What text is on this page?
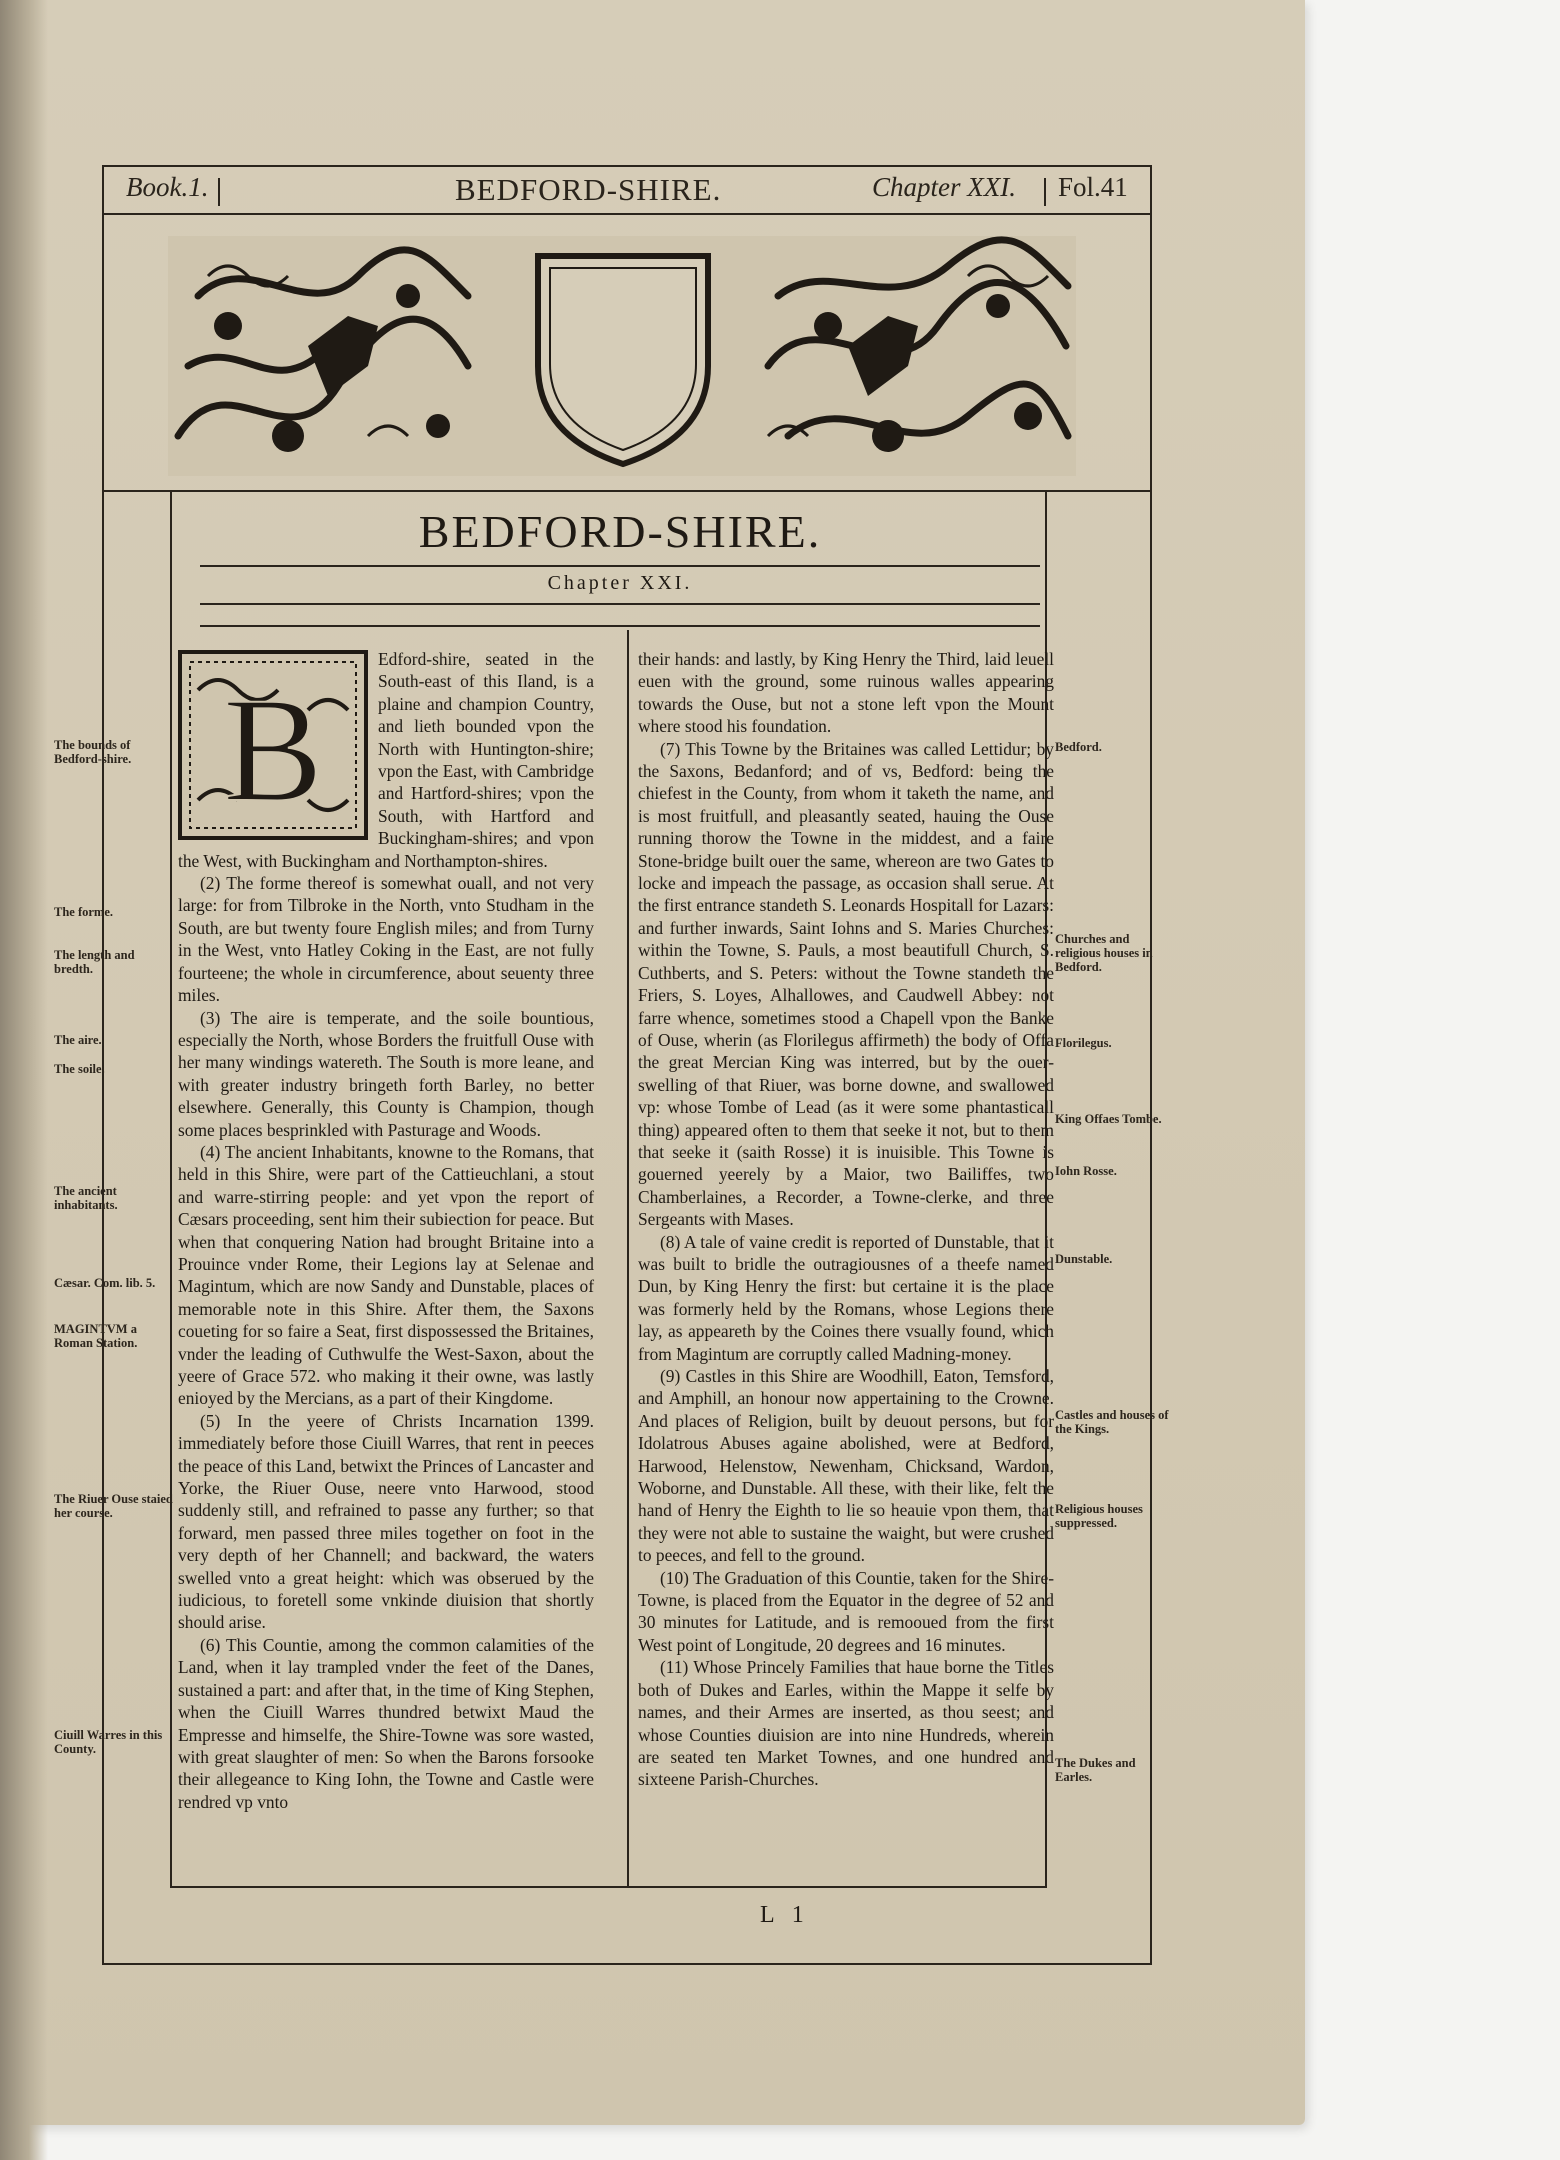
Book.1.	BEDFORD-SHIRE.	Chapter XXI. Fol.41
BEDFORD-SHIRE.
Chapter XXI.
B

Edford-shire, seated in the South-east of this Iland, is a plaine and champion Country, and lieth bounded vpon the North with Huntington-shire; vpon the East, with Cambridge and Hartford-shires; vpon the South, with Hartford and Buckingham-shires; and vpon the West, with Buckingham and Northampton-shires.

(2) The forme thereof is somewhat ouall, and not very large: for from Tilbroke in the North, vnto Studham in the South, are but twenty foure English miles; and from Turny in the West, vnto Hatley Coking in the East, are not fully fourteene; the whole in circumference, about seuenty three miles.

(3) The aire is temperate, and the soile bountious, especially the North, whose Borders the fruitfull Ouse with her many windings watereth. The South is more leane, and with greater industry bringeth forth Barley, no better elsewhere. Generally, this County is Champion, though some places besprinkled with Pasturage and Woods.

(4) The ancient Inhabitants, knowne to the Romans, that held in this Shire, were part of the Cattieuchlani, a stout and warre-stirring people: and yet vpon the report of Cæsars proceeding, sent him their subiection for peace. But when that conquering Nation had brought Britaine into a Prouince vnder Rome, their Legions lay at Selenae and Magintum, which are now Sandy and Dunstable, places of memorable note in this Shire. After them, the Saxons coueting for so faire a Seat, first dispossessed the Britaines, vnder the leading of Cuthwulfe the West-Saxon, about the yeere of Grace 572. who making it their owne, was lastly enioyed by the Mercians, as a part of their Kingdome.

(5) In the yeere of Christs Incarnation 1399. immediately before those Ciuill Warres, that rent in peeces the peace of this Land, betwixt the Princes of Lancaster and Yorke, the Riuer Ouse, neere vnto Harwood, stood suddenly still, and refrained to passe any further; so that forward, men passed three miles together on foot in the very depth of her Channell; and backward, the waters swelled vnto a great height: which was obserued by the iudicious, to foretell some vnkinde diuision that shortly should arise.

(6) This Countie, among the common calamities of the Land, when it lay trampled vnder the feet of the Danes, sustained a part: and after that, in the time of King Stephen, when the Ciuill Warres thundred betwixt Maud the Empresse and himselfe, the Shire-Towne was sore wasted, with great slaughter of men: So when the Barons forsooke their allegeance to King Iohn, the Towne and Castle were rendred vp vnto

their hands: and lastly, by King Henry the Third, laid leuell euen with the ground, some ruinous walles appearing towards the Ouse, but not a stone left vpon the Mount where stood his foundation.

(7) This Towne by the Britaines was called Lettidur; by the Saxons, Bedanford; and of vs, Bedford: being the chiefest in the County, from whom it taketh the name, and is most fruitfull, and pleasantly seated, hauing the Ouse running thorow the Towne in the middest, and a faire Stone-bridge built ouer the same, whereon are two Gates to locke and impeach the passage, as occasion shall serue. At the first entrance standeth S. Leonards Hospitall for Lazars: and further inwards, Saint Iohns and S. Maries Churches: within the Towne, S. Pauls, a most beautifull Church, S. Cuthberts, and S. Peters: without the Towne standeth the Friers, S. Loyes, Alhallowes, and Caudwell Abbey: not farre whence, sometimes stood a Chapell vpon the Banke of Ouse, wherin (as Florilegus affirmeth) the body of Offa the great Mercian King was interred, but by the ouer-swelling of that Riuer, was borne downe, and swallowed vp: whose Tombe of Lead (as it were some phantasticall thing) appeared often to them that seeke it not, but to them that seeke it (saith Rosse) it is inuisible. This Towne is gouerned yeerely by a Maior, two Bailiffes, two Chamberlaines, a Recorder, a Towne-clerke, and three Sergeants with Mases.

(8) A tale of vaine credit is reported of Dunstable, that it was built to bridle the outragiousnes of a theefe named Dun, by King Henry the first: but certaine it is the place was formerly held by the Romans, whose Legions there lay, as appeareth by the Coines there vsually found, which from Magintum are corruptly called Madning-money.

(9) Castles in this Shire are Woodhill, Eaton, Temsford, and Amphill, an honour now appertaining to the Crowne. And places of Religion, built by deuout persons, but for Idolatrous Abuses againe abolished, were at Bedford, Harwood, Helenstow, Newenham, Chicksand, Wardon, Woborne, and Dunstable. All these, with their like, felt the hand of Henry the Eighth to lie so heauie vpon them, that they were not able to sustaine the waight, but were crushed to peeces, and fell to the ground.

(10) The Graduation of this Countie, taken for the Shire-Towne, is placed from the Equator in the degree of 52 and 30 minutes for Latitude, and is remooued from the first West point of Longitude, 20 degrees and 16 minutes.

(11) Whose Princely Families that haue borne the Titles both of Dukes and Earles, within the Mappe it selfe by names, and their Armes are inserted, as thou seest; and whose Counties diuision are into nine Hundreds, wherein are seated ten Market Townes, and one hundred and sixteene Parish-Churches.

The bounds of Bedford-shire.
The forme.
The length and bredth.
The aire.
The soile.
The ancient inhabitants.
Cæsar. Com. lib. 5.
MAGINTVM a Roman Station.
The Riuer Ouse staied her course.
Ciuill Warres in this County.
Bedford.
Churches and religious houses in Bedford.
Florilegus.
King Offaes Tombe.
Iohn Rosse.
Dunstable.
Castles and houses of the Kings.
Religious houses suppressed.
The Dukes and Earles.
L 1
